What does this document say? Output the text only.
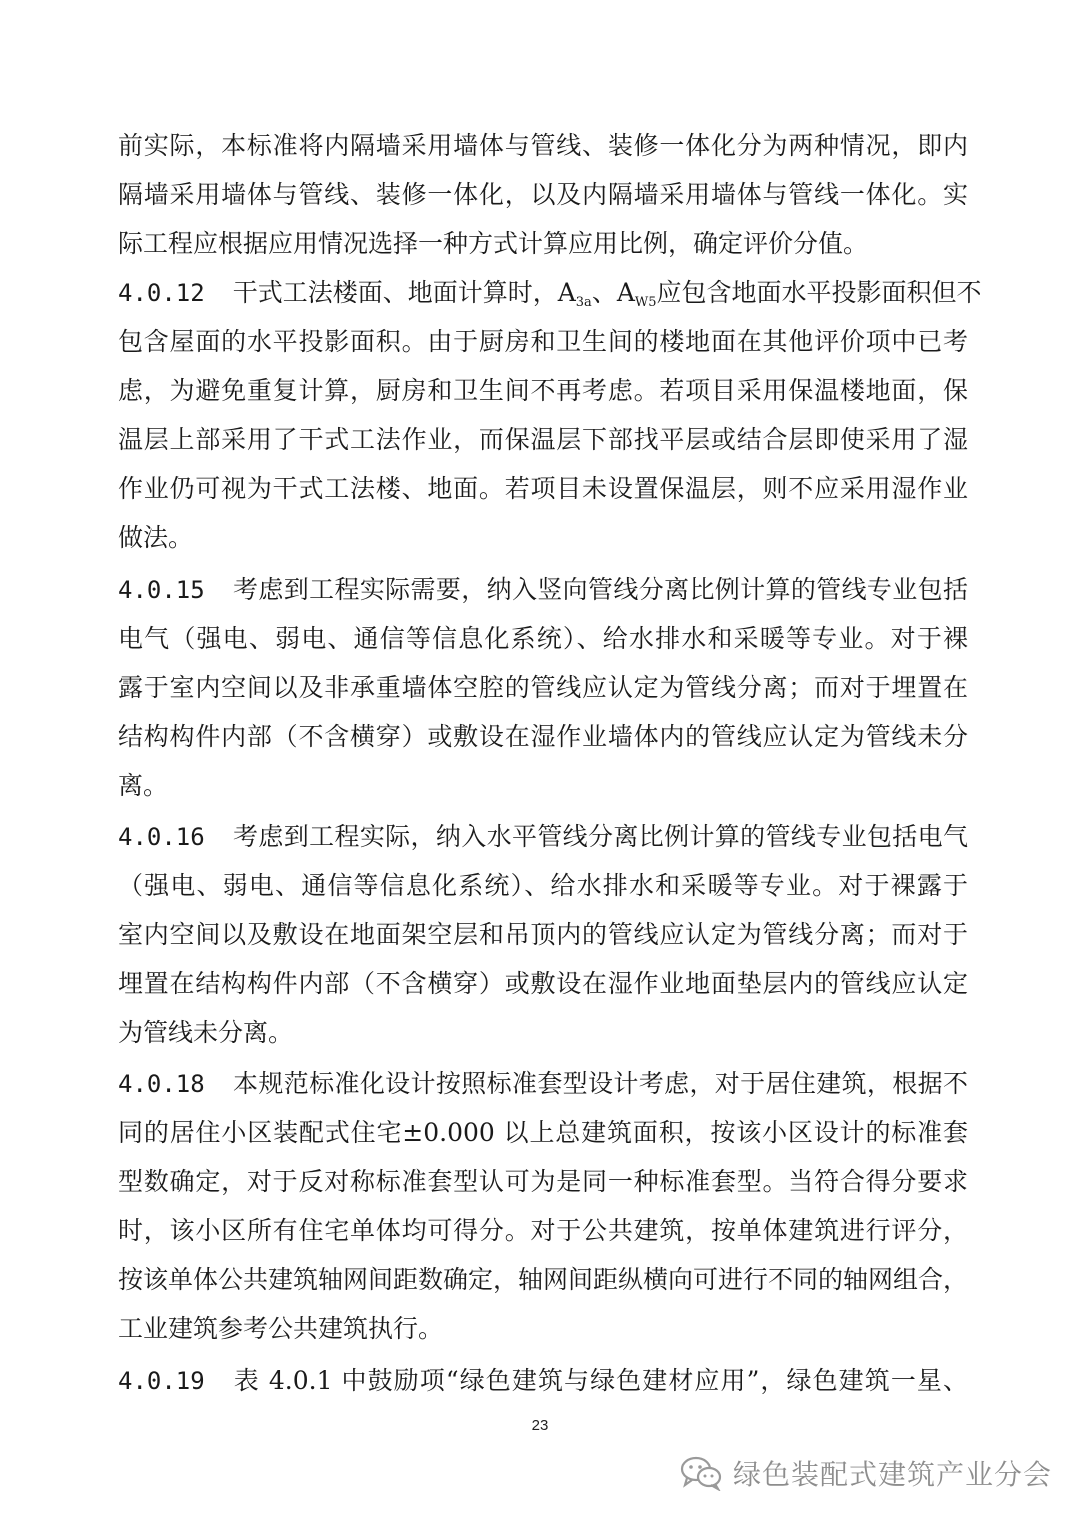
前实际，本标准将内隔墙采用墙体与管线、装修一体化分为两种情况，即内
隔墙采用墙体与管线、装修一体化，以及内隔墙采用墙体与管线一体化。实
际工程应根据应用情况选择一种方式计算应用比例，确定评价分值。
4.0.12 干式工法楼面、地面计算时，$A_{3a}$、$A_{W5}$应包含地面水平投影面积但不
包含屋面的水平投影面积。由于厨房和卫生间的楼地面在其他评价项中已考
虑，为避免重复计算，厨房和卫生间不再考虑。若项目采用保温楼地面，保
温层上部采用了干式工法作业，而保温层下部找平层或结合层即使采用了湿
作业仍可视为干式工法楼、地面。若项目未设置保温层，则不应采用湿作业
做法。
4.0.15 考虑到工程实际需要，纳入竖向管线分离比例计算的管线专业包括
电气（强电、弱电、通信等信息化系统）、给水排水和采暖等专业。对于裸
露于室内空间以及非承重墙体空腔的管线应认定为管线分离；而对于埋置在
结构构件内部（不含横穿）或敷设在湿作业墙体内的管线应认定为管线未分
离。
4.0.16 考虑到工程实际，纳入水平管线分离比例计算的管线专业包括电气
（强电、弱电、通信等信息化系统）、给水排水和采暖等专业。对于裸露于
室内空间以及敷设在地面架空层和吊顶内的管线应认定为管线分离；而对于
埋置在结构构件内部（不含横穿）或敷设在湿作业地面垫层内的管线应认定
为管线未分离。
4.0.18 本规范标准化设计按照标准套型设计考虑，对于居住建筑，根据不
同的居住小区装配式住宅±0.000 以上总建筑面积，按该小区设计的标准套
型数确定，对于反对称标准套型认可为是同一种标准套型。当符合得分要求
时，该小区所有住宅单体均可得分。对于公共建筑，按单体建筑进行评分，
按该单体公共建筑轴网间距数确定，轴网间距纵横向可进行不同的轴网组合，
工业建筑参考公共建筑执行。
4.0.19 表 4.0.1 中鼓励项“绿色建筑与绿色建材应用”，绿色建筑一星、
23
绿色装配式建筑产业分会
